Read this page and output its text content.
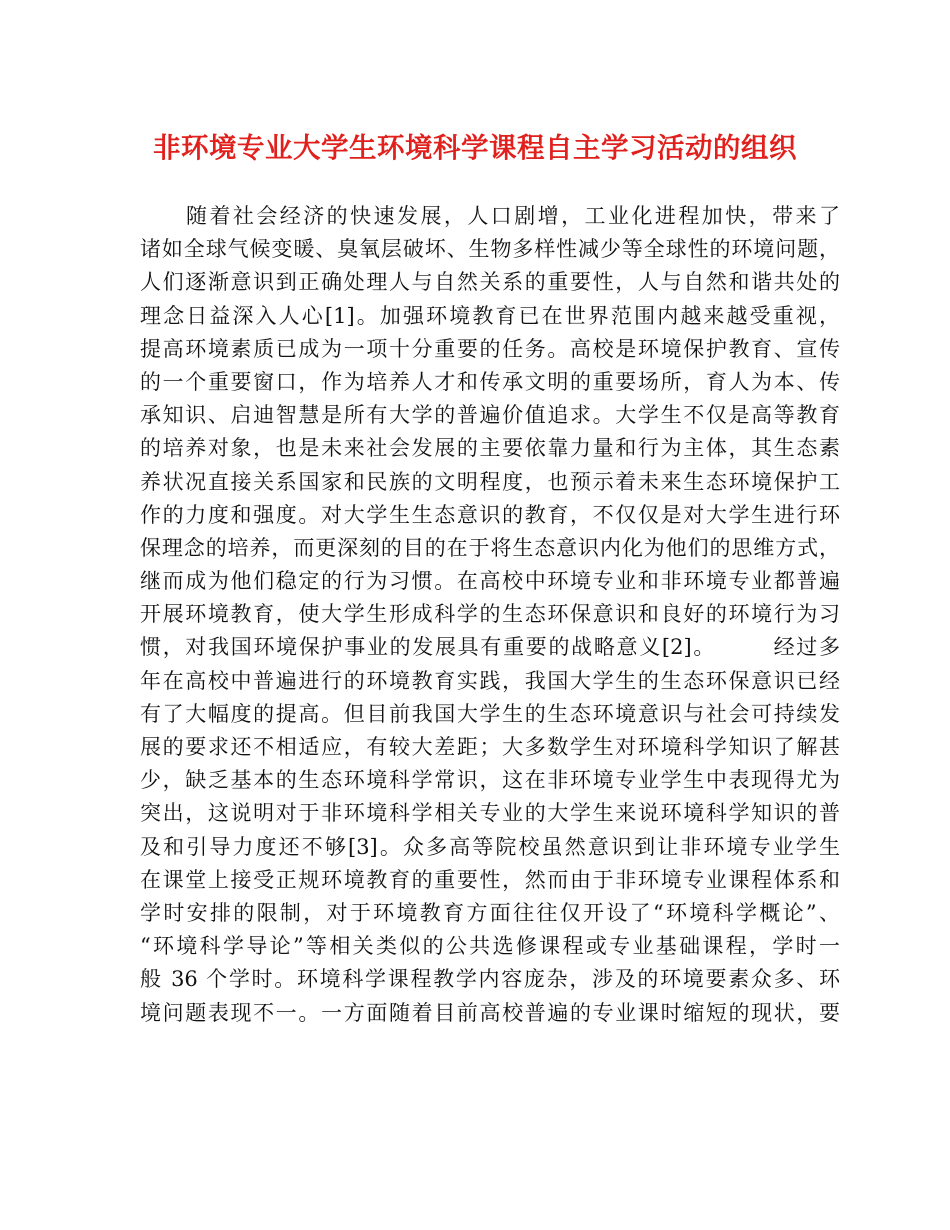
非环境专业大学生环境科学课程自主学习活动的组织
随着社会经济的快速发展，人口剧增，工业化进程加快，带来了
诸如全球气候变暖、臭氧层破坏、生物多样性减少等全球性的环境问题，
人们逐渐意识到正确处理人与自然关系的重要性，人与自然和谐共处的
理念日益深入人心[1]。加强环境教育已在世界范围内越来越受重视，
提高环境素质已成为一项十分重要的任务。高校是环境保护教育、宣传
的一个重要窗口，作为培养人才和传承文明的重要场所，育人为本、传
承知识、启迪智慧是所有大学的普遍价值追求。大学生不仅是高等教育
的培养对象，也是未来社会发展的主要依靠力量和行为主体，其生态素
养状况直接关系国家和民族的文明程度，也预示着未来生态环境保护工
作的力度和强度。对大学生生态意识的教育，不仅仅是对大学生进行环
保理念的培养，而更深刻的目的在于将生态意识内化为他们的思维方式，
继而成为他们稳定的行为习惯。在高校中环境专业和非环境专业都普遍
开展环境教育，使大学生形成科学的生态环保意识和良好的环境行为习
惯，对我国环境保护事业的发展具有重要的战略意义[2]。　　　经过多
年在高校中普遍进行的环境教育实践，我国大学生的生态环保意识已经
有了大幅度的提高。但目前我国大学生的生态环境意识与社会可持续发
展的要求还不相适应，有较大差距；大多数学生对环境科学知识了解甚
少，缺乏基本的生态环境科学常识，这在非环境专业学生中表现得尤为
突出，这说明对于非环境科学相关专业的大学生来说环境科学知识的普
及和引导力度还不够[3]。众多高等院校虽然意识到让非环境专业学生
在课堂上接受正规环境教育的重要性，然而由于非环境专业课程体系和
学时安排的限制，对于环境教育方面往往仅开设了“环境科学概论”、
“环境科学导论”等相关类似的公共选修课程或专业基础课程，学时一
般 36 个学时。环境科学课程教学内容庞杂，涉及的环境要素众多、环
境问题表现不一。一方面随着目前高校普遍的专业课时缩短的现状，要
